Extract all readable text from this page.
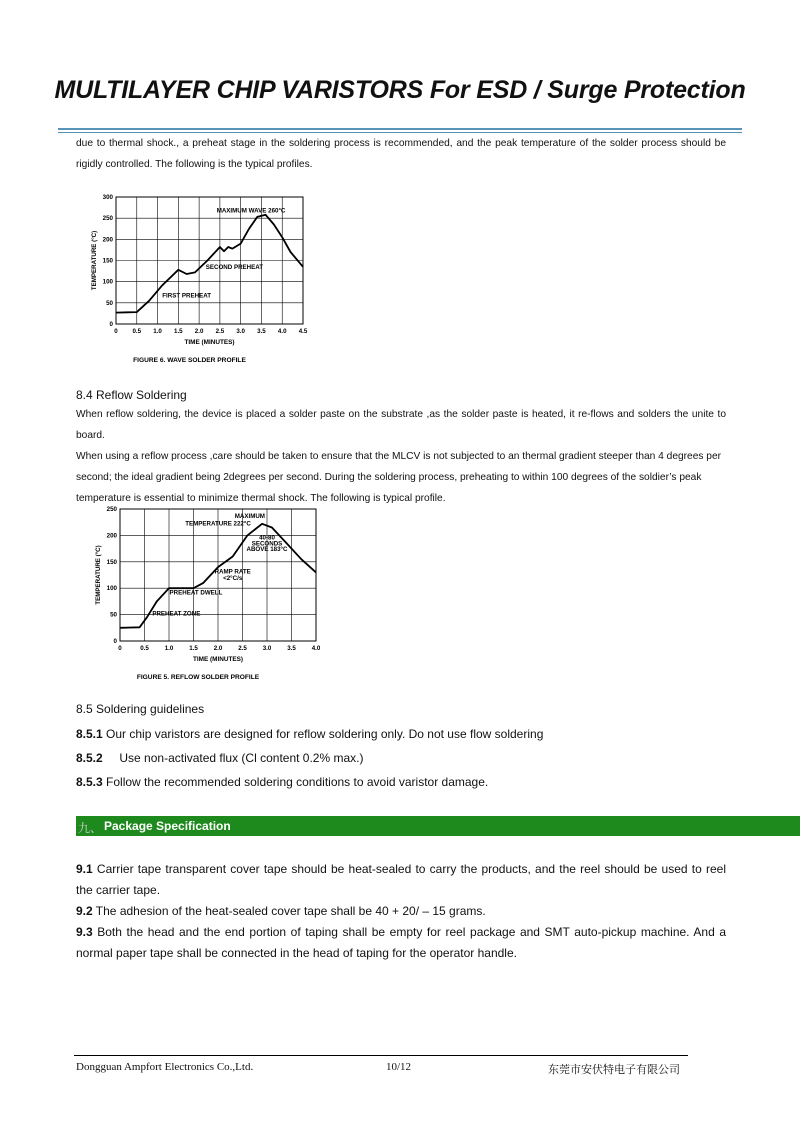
MULTILAYER CHIP VARISTORS For ESD / Surge Protection
due to thermal shock., a preheat stage in the soldering process is recommended, and the peak temperature of the solder process should be rigidly controlled. The following is the typical profiles.
0 0.5 1.0 1.5 2.0 2.5 3.0 3.5 4.0 4.5
0
50
100
150
200
250
300
MAXIMUM WAVE 260°C
SECOND PREHEAT
FIRST PREHEAT
TIME (MINUTES)
TEMPERATURE (°C)
FIGURE 6. WAVE SOLDER PROFILE
8.4 Reflow Soldering

When reflow soldering, the device is placed a solder paste on the substrate ,as the solder paste is heated, it re-flows and solders the unite to board.

When using a reflow process ,care should be taken to ensure that the MLCV is not subjected to an thermal gradient steeper than 4 degrees per

second; the ideal gradient being 2degrees per second. During the soldering process, preheating to within 100 degrees of the soldier’s peak

temperature is essential to minimize thermal shock. The following is typical profile.

0	0.5	1.0	1.5	2.0	2.5	3.0	3.5	4.0
0
50
100
150
200
250
MAXIMUM
TEMPERATURE 222°C
40-80
SECONDS
ABOVE 183°C
RAMP RATE
<2°C/s
PREHEAT DWELL
PREHEAT ZONE
TIME (MINUTES)
TEMPERATURE (°C)
FIGURE 5. REFLOW SOLDER PROFILE
8.5 Soldering guidelines
8.5.1 Our chip varistors are designed for reflow soldering only. Do not use flow soldering
8.5.2     Use non-activated flux (Cl content 0.2% max.)
8.5.3 Follow the recommended soldering conditions to avoid varistor damage.
九、 Package Specification
9.1 Carrier tape transparent cover tape should be heat-sealed to carry the products, and the reel should be used to reel the carrier tape.
9.2 The adhesion of the heat-sealed cover tape shall be 40 + 20/ – 15 grams.
9.3 Both the head and the end portion of taping shall be empty for reel package and SMT auto-pickup machine. And a normal paper tape shall be connected in the head of taping for the operator handle.
Dongguan Ampfort Electronics Co.,Ltd.	10/12	东莞市安伏特电子有限公司
